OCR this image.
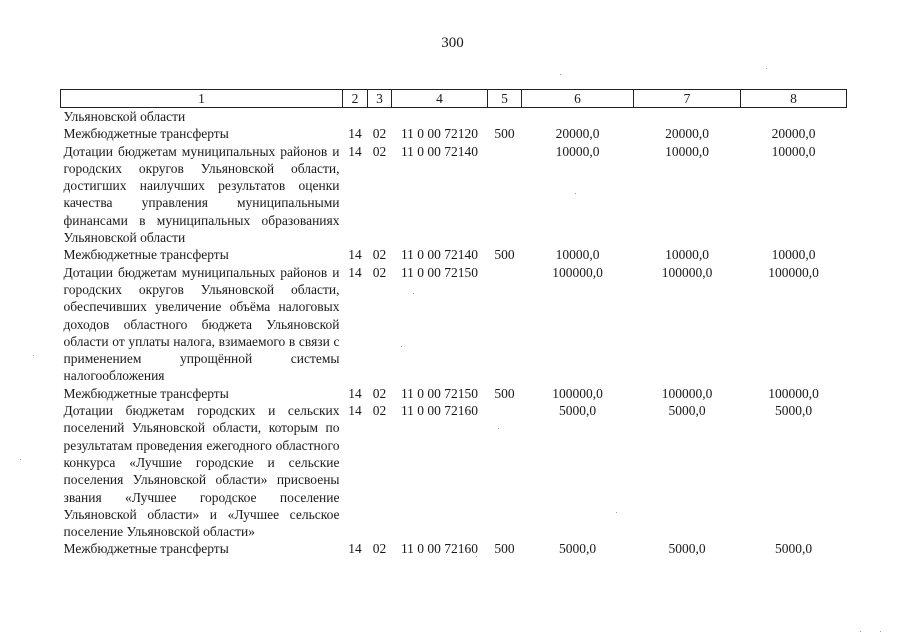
300
1	2	3	4	5	6	7	8
Ульяновской области							
Межбюджетные трансферты	14	02	11 0 00 72120	500	20000,0	20000,0	20000,0
Дотации бюджетам муниципальных районов и городских округов Ульяновской области, достигших наилучших результатов оценки качества управления муниципальными финансами в муниципальных образованиях Ульяновской области	14	02	11 0 00 72140		10000,0	10000,0	10000,0
Межбюджетные трансферты	14	02	11 0 00 72140	500	10000,0	10000,0	10000,0
Дотации бюджетам муниципальных районов и городских округов Ульяновской области, обеспечивших увеличение объёма налоговых доходов областного бюджета Ульяновской области от уплаты налога, взимаемого в связи с применением упрощённой системы налогообложения	14	02	11 0 00 72150		100000,0	100000,0	100000,0
Межбюджетные трансферты	14	02	11 0 00 72150	500	100000,0	100000,0	100000,0
Дотации бюджетам городских и сельских поселений Ульяновской области, которым по результатам проведения ежегодного областного конкурса «Лучшие городские и сельские поселения Ульяновской области» присвоены звания «Лучшее городское поселение Ульяновской области» и «Лучшее сельское поселение Ульяновской области»	14	02	11 0 00 72160		5000,0	5000,0	5000,0
Межбюджетные трансферты	14	02	11 0 00 72160	500	5000,0	5000,0	5000,0
